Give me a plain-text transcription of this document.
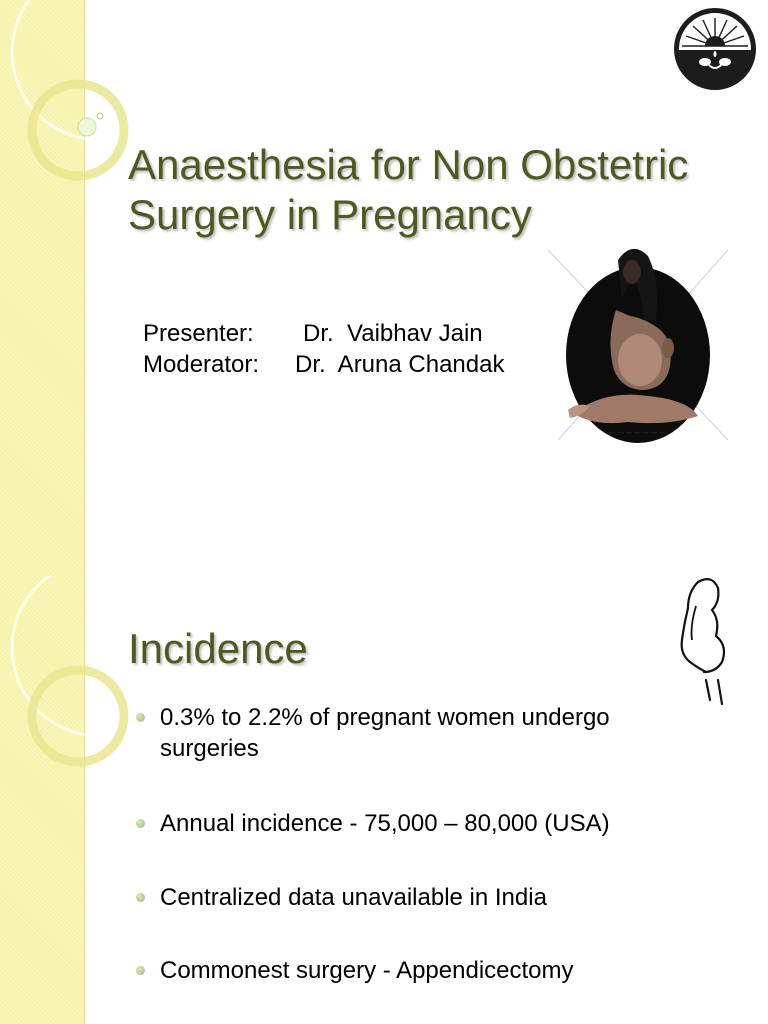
Anaesthesia for Non Obstetric Surgery in Pregnancy
Presenter:	Dr.  Vaibhav Jain
Moderator:	Dr.  Aruna Chandak
~~~~~~~
Incidence
0.3% to 2.2% of pregnant women undergo surgeries
Annual incidence - 75,000 – 80,000 (USA)
Centralized data unavailable in India
Commonest surgery - Appendicectomy
